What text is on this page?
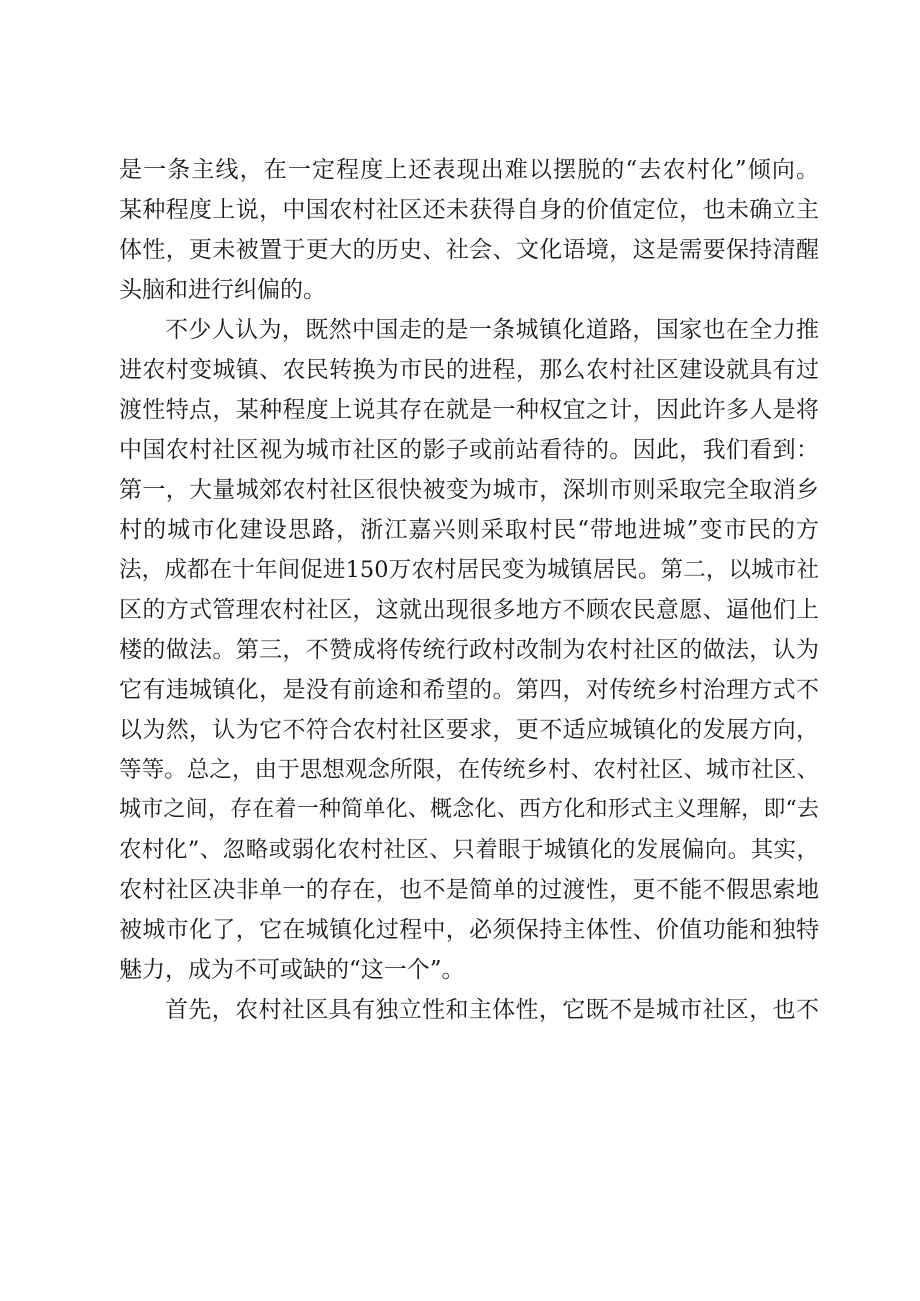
是一条主线，在一定程度上还表现出难以摆脱的“去农村化”倾向。
某种程度上说，中国农村社区还未获得自身的价值定位，也未确立主
体性，更未被置于更大的历史、社会、文化语境，这是需要保持清醒
头脑和进行纠偏的。
不少人认为，既然中国走的是一条城镇化道路，国家也在全力推
进农村变城镇、农民转换为市民的进程，那么农村社区建设就具有过
渡性特点，某种程度上说其存在就是一种权宜之计，因此许多人是将
中国农村社区视为城市社区的影子或前站看待的。因此，我们看到：
第一，大量城郊农村社区很快被变为城市，深圳市则采取完全取消乡
村的城市化建设思路，浙江嘉兴则采取村民“带地进城”变市民的方
法，成都在十年间促进150万农村居民变为城镇居民。第二，以城市社
区的方式管理农村社区，这就出现很多地方不顾农民意愿、逼他们上
楼的做法。第三，不赞成将传统行政村改制为农村社区的做法，认为
它有违城镇化，是没有前途和希望的。第四，对传统乡村治理方式不
以为然，认为它不符合农村社区要求，更不适应城镇化的发展方向，
等等。总之，由于思想观念所限，在传统乡村、农村社区、城市社区、
城市之间，存在着一种简单化、概念化、西方化和形式主义理解，即“去
农村化”、忽略或弱化农村社区、只着眼于城镇化的发展偏向。其实，
农村社区决非单一的存在，也不是简单的过渡性，更不能不假思索地
被城市化了，它在城镇化过程中，必须保持主体性、价值功能和独特
魅力，成为不可或缺的“这一个”。
首先，农村社区具有独立性和主体性，它既不是城市社区，也不
